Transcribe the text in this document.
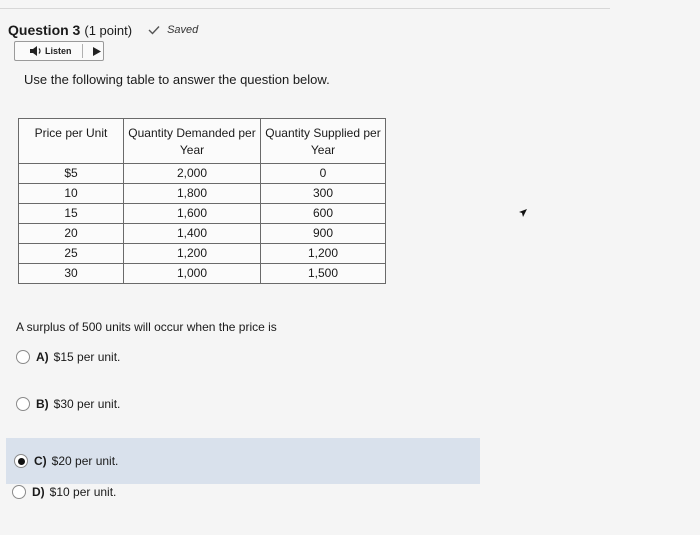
Question 3 (1 point)	Saved
Listen
Use the following table to answer the question below.
Price per Unit	Quantity Demanded per Year	Quantity Supplied per Year
$5	2,000	0
10	1,800	300
15	1,600	600
20	1,400	900
25	1,200	1,200
30	1,000	1,500
A surplus of 500 units will occur when the price is
A) $15 per unit.
B) $30 per unit.
C) $20 per unit.
D) $10 per unit.
